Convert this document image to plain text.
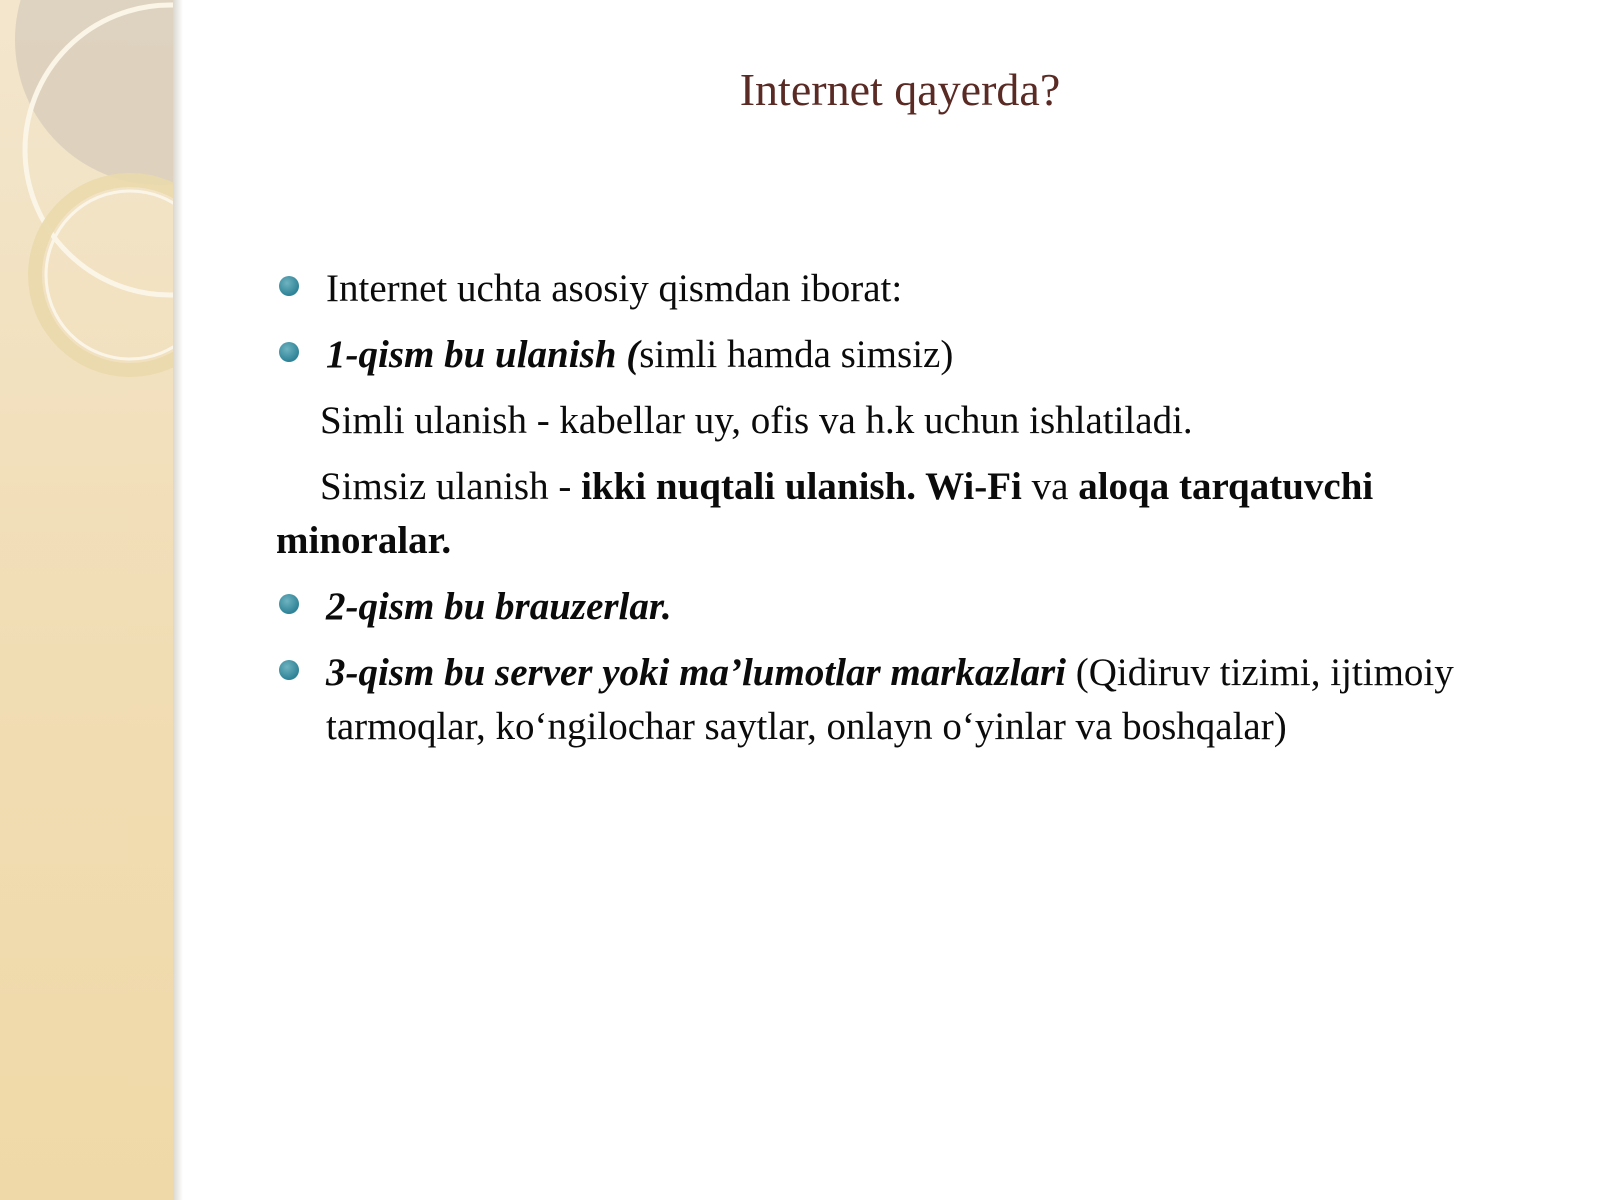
Internet qayerda?
Internet uchta asosiy qismdan iborat:
1-qism bu ulanish (simli hamda simsiz)
Simli ulanish - kabellar uy, ofis va h.k uchun ishlatiladi.
Simsiz ulanish - ikki nuqtali ulanish. Wi-Fi va aloqa tarqatuvchi minoralar.
2-qism bu brauzerlar.
3-qism bu server yoki ma’lumotlar markazlari (Qidiruv tizimi, ijtimoiy tarmoqlar, ko‘ngilochar saytlar, onlayn o‘yinlar va boshqalar)
